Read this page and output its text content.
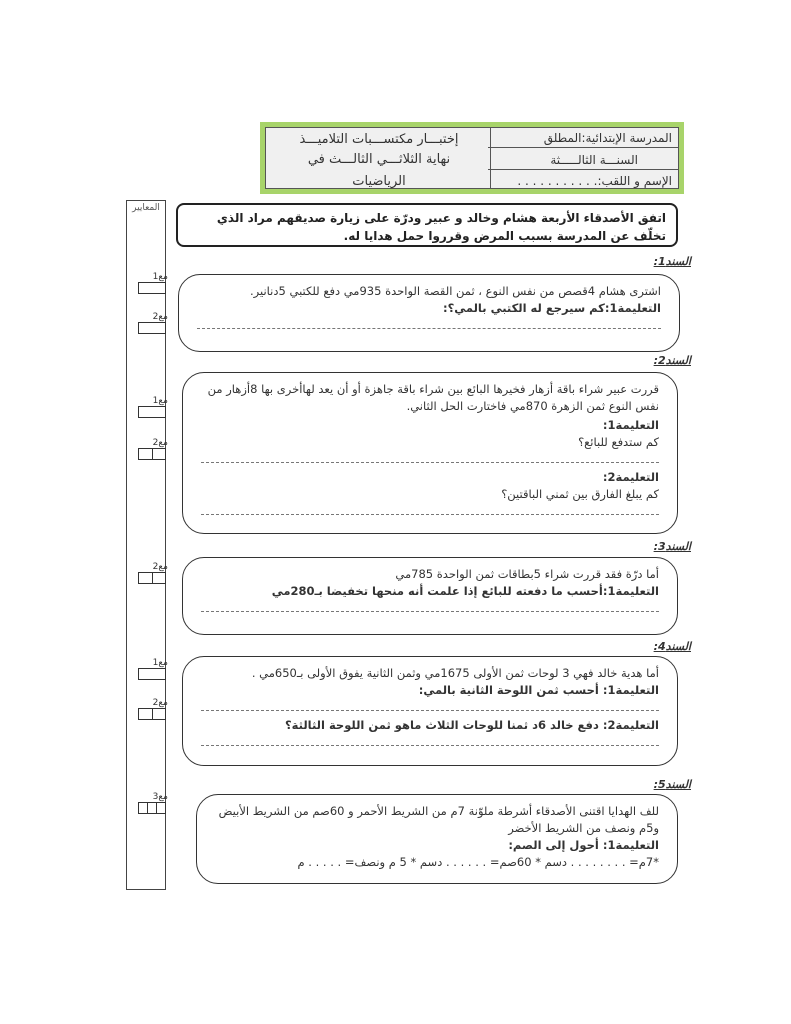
المدرسة الإبتدائية:المطلق
السنـــة الثالـــــثة
الإسم و اللقب:. . . . . . . . . . .
إختبـــار مكتســـبات التلاميـــذ
نهاية الثلاثـــي الثالـــث في
الرياضيات
المعايير
مع1
مع2
مع1
مع2
مع2
مع1
مع2
مع3
اتفق الأصدقاء الأربعة هشام وخالد و عبير ودرّة على زيارة صديقهم مراد الذي تخلّف عن المدرسة بسبب المرض وقرروا حمل هدايا له.
السند1:
اشترى هشام 4قصص من نفس النوع ، ثمن القصة الواحدة 935مي دفع للكتبي 5دنانير.
التعليمة1:كم سيرجع له الكتبي بالمي؟:
السند2:
قررت عبير شراء باقة أزهار فخيرها البائع بين شراء باقة جاهزة أو أن يعد لهاأخرى بها 8أزهار من نفس النوع ثمن الزهرة 870مي فاختارت الحل الثاني.
التعليمة1:
كم ستدفع للبائع؟
التعليمة2:
كم يبلغ الفارق بين ثمني الباقتين؟
السند3:
أما درّة فقد قررت شراء 5بطاقات ثمن الواحدة 785مي
التعليمة1:أحسب ما دفعته للبائع إذا علمت أنه منحها تخفيضا بـ280مي
السند4:
أما هدية خالد فهي 3 لوحات ثمن الأولى 1675مي وثمن الثانية يفوق الأولى بـ650مي .
التعليمة1: أحسب ثمن اللوحة الثانية بالمي:
التعليمة2: دفع خالد 6د ثمنا للوحات الثلاث ماهو ثمن اللوحة الثالثة؟
السند5:
للف الهدايا اقتنى الأصدقاء أشرطة ملوّنة 7م من الشريط الأحمر و 60صم من الشريط الأبيض و5م ونصف من الشريط الأخضر
التعليمة1: أحول إلى الصم:
*7م= . . . . . . . . دسم * 60صم= . . . . . . دسم * 5 م ونصف= . . . . . م
